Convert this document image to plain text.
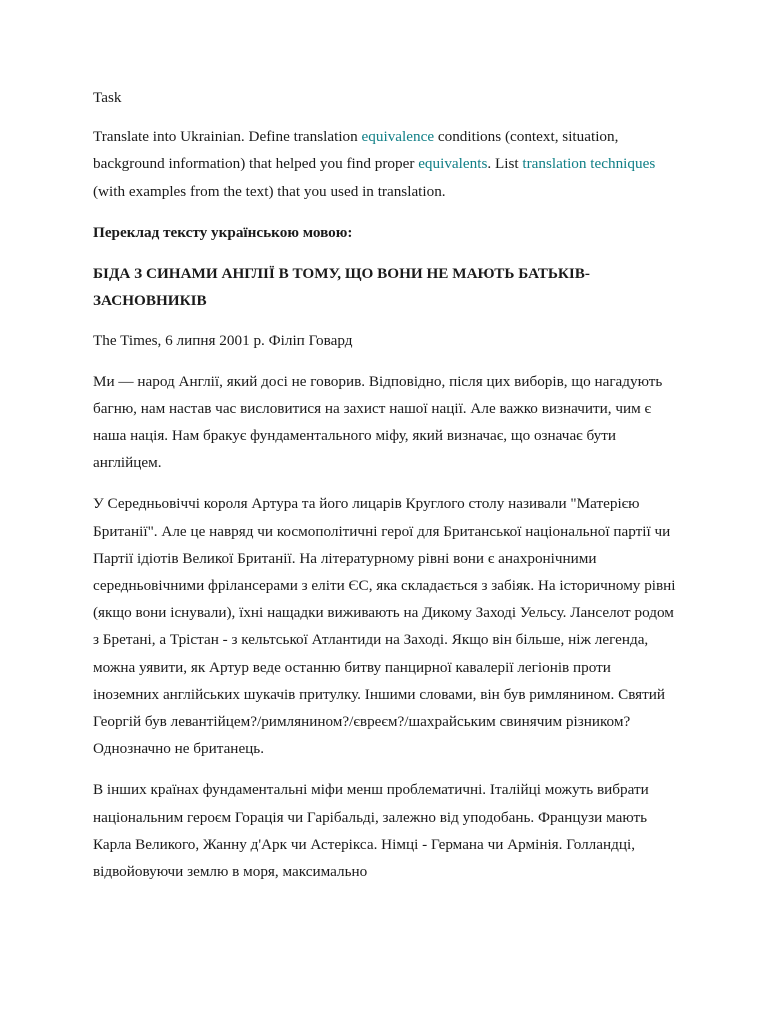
Task

Translate into Ukrainian. Define translation equivalence conditions (context, situation, background information) that helped you find proper equivalents. List translation techniques (with examples from the text) that you used in translation.

Переклад тексту українською мовою:

БІДА З СИНАМИ АНГЛІЇ В ТОМУ, ЩО ВОНИ НЕ МАЮТЬ БАТЬКІВ-ЗАСНОВНИКІВ

The Times, 6 липня 2001 р. Філіп Говард

Ми — народ Англії, який досі не говорив. Відповідно, після цих виборів, що нагадують багню, нам настав час висловитися на захист нашої нації. Але важко визначити, чим є наша нація. Нам бракує фундаментального міфу, який визначає, що означає бути англійцем.

У Середньовіччі короля Артура та його лицарів Круглого столу називали "Матерією Британії". Але це навряд чи космополітичні герої для Британської національної партії чи Партії ідіотів Великої Британії. На літературному рівні вони є анахронічними середньовічними фрілансерами з еліти ЄС, яка складається з забіяк. На історичному рівні (якщо вони існували), їхні нащадки виживають на Дикому Заході Уельсу. Ланселот родом з Бретані, а Трістан - з кельтської Атлантиди на Заході. Якщо він більше, ніж легенда, можна уявити, як Артур веде останню битву панцирної кавалерії легіонів проти іноземних англійських шукачів притулку. Іншими словами, він був римлянином. Святий Георгій був левантійцем?/римлянином?/євреєм?/шахрайським свинячим різником? Однозначно не британець.

В інших країнах фундаментальні міфи менш проблематичні. Італійці можуть вибрати національним героєм Горація чи Гарібальді, залежно від уподобань. Французи мають Карла Великого, Жанну д'Арк чи Астерікса. Німці - Германа чи Армінія. Голландці, відвойовуючи землю в моря, максимально
